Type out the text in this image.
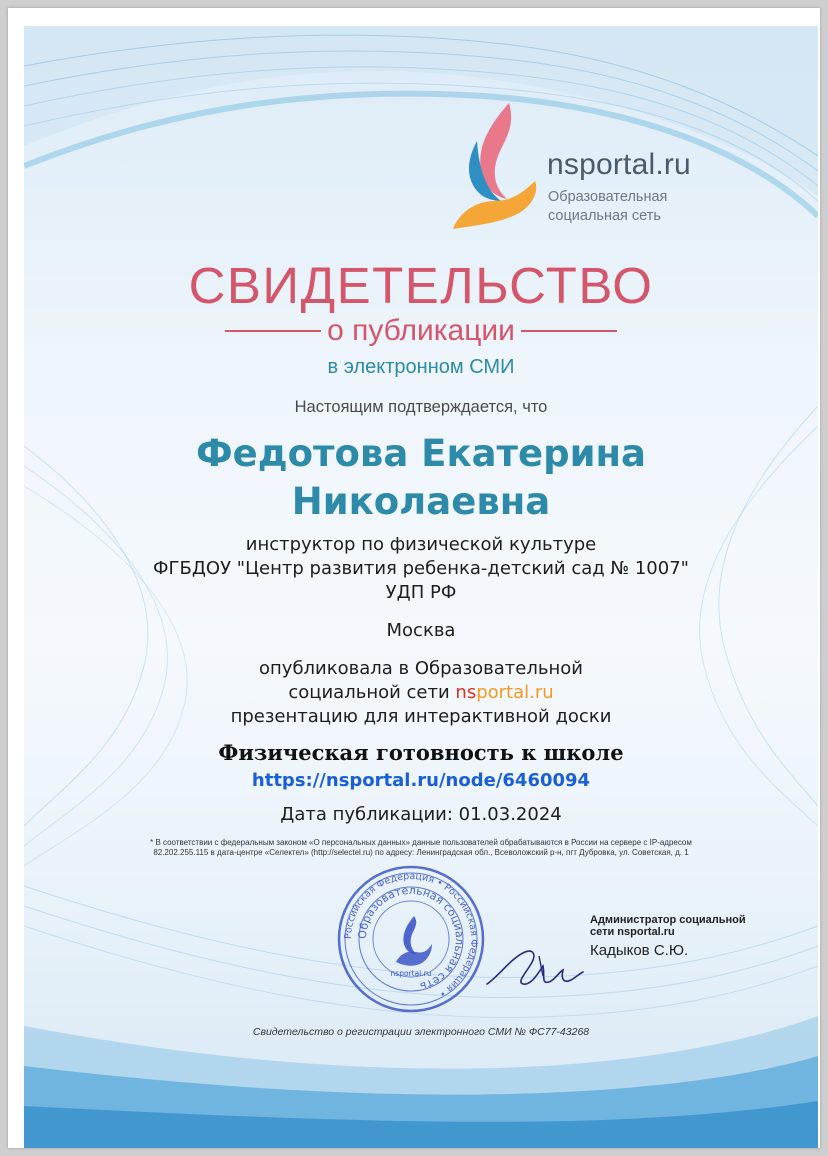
nsportal.ru
Образовательная
социальная сеть
СВИДЕТЕЛЬСТВО
о публикации
в электронном СМИ
Настоящим подтверждается, что
Федотова Екатерина Николаевна
инструктор по физической культуре
ФГБДОУ "Центр развития ребенка-детский сад № 1007"
УДП РФ
Москва
опубликовала в Образовательной
социальной сети nsportal.ru
презентацию для интерактивной доски
Физическая готовность к школе
https://nsportal.ru/node/6460094
Дата публикации: 01.03.2024
* В соответствии с федеральным законом «О персональных данных» данные пользователей обрабатываются в России на сервере с IP-адресом
82.202.255.115 в дата-центре «Селектел» (http://selectel.ru) по адресу: Ленинградская обл., Всеволожский р-н, пгт Дубровка, ул. Советская, д. 1
Российская Федерация • Российская Федерация •
Образовательная социальная сеть
nsportal.ru
Администратор социальной
сети nsportal.ru
Кадыков С.Ю.
Свидетельство о регистрации электронного СМИ № ФС77-43268
